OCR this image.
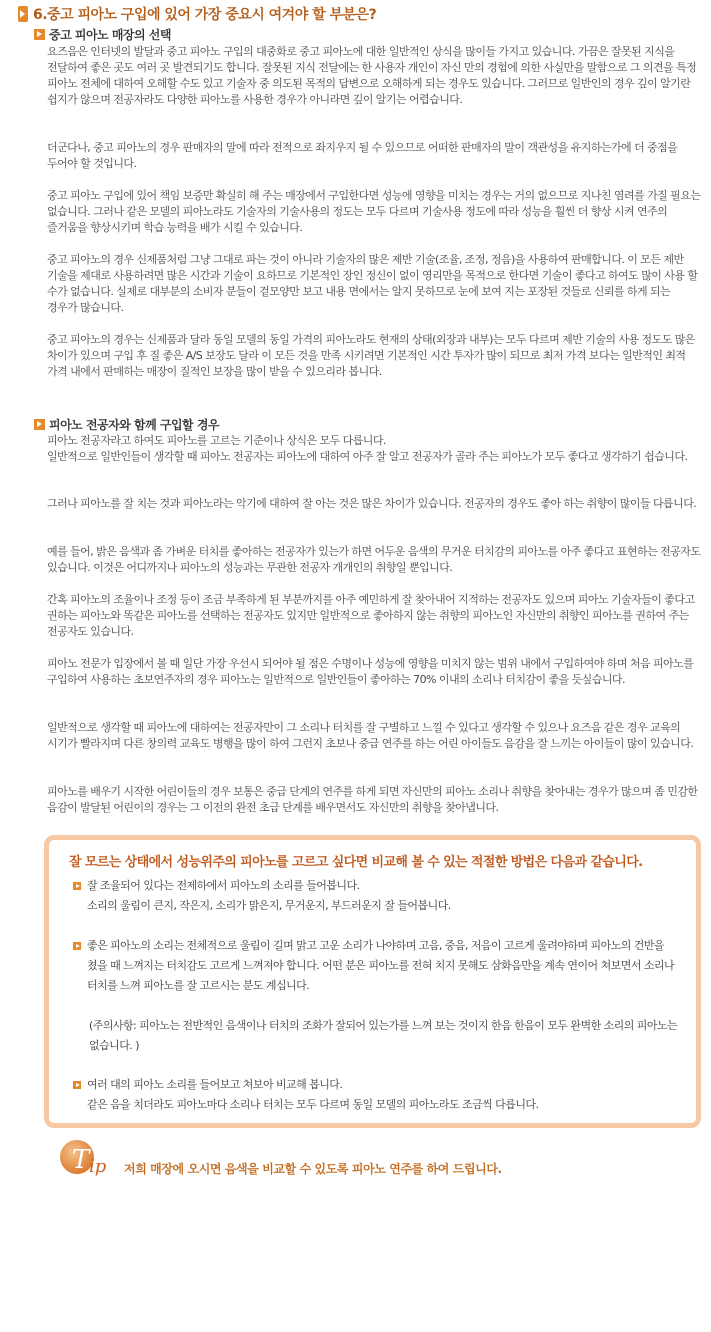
6.중고 피아노 구입에 있어 가장 중요시 여겨야 할 부분은?
중고 피아노 매장의 선택

요즈음은 인터넷의 발달과 중고 피아노 구입의 대중화로 중고 피아노에 대한 일반적인 상식을 많이들 가지고 있습니다. 가끔은 잘못된 지식을 전달하여 좋은 곳도 여러 곳 발견되기도 합니다. 잘못된 지식 전달에는 한 사용자 개인이 자신 만의 경험에 의한 사실만을 말함으로 그 의견을 특정 피아노 전체에 대하여 오해할 수도 있고 기술자 중 의도된 목적의 답변으로 오해하게 되는 경우도 있습니다. 그러므로 일반인의 경우 깊이 알기란 쉽지가 않으며 전공자라도 다양한 피아노를 사용한 경우가 아니라면 깊이 알기는 어렵습니다.

더군다나, 중고 피아노의 경우 판매자의 말에 따라 전적으로 좌지우지 될 수 있으므로 어떠한 판매자의 말이 객관성을 유지하는가에 더 중점을 두어야 할 것입니다.

중고 피아노 구입에 있어 책임 보증만 확실히 해 주는 매장에서 구입한다면 성능에 영향을 미치는 경우는 거의 없으므로 지나친 염려를 가질 필요는 없습니다. 그러나 같은 모델의 피아노라도 기술자의 기술사용의 정도는 모두 다르며 기술사용 정도에 따라 성능을 훨씬 더 향상 시켜 연주의 즐거움을 향상시키며 학습 능력을 배가 시킬 수 있습니다.

중고 피아노의 경우 신제품처럼 그냥 그대로 파는 것이 아니라 기술자의 많은 제반 기술(조율, 조정, 정음)을 사용하여 판매합니다. 이 모든 제반 기술을 제대로 사용하려면 많은 시간과 기술이 요하므로 기본적인 장인 정신이 없이 영리만을 목적으로 한다면 기술이 좋다고 하여도 많이 사용 할 수가 없습니다. 실제로 대부분의 소비자 분들이 겉모양만 보고 내용 면에서는 알지 못하므로 눈에 보여 지는 포장된 것들로 신뢰를 하게 되는 경우가 많습니다.

중고 피아노의 경우는 신제품과 달라 동일 모델의 동일 가격의 피아노라도 현재의 상태(외장과 내부)는 모두 다르며 제반 기술의 사용 정도도 많은 차이가 있으며 구입 후 질 좋은 A/S 보장도 달라 이 모든 것을 만족 시키려면 기본적인 시간 투자가 많이 되므로 최저 가격 보다는 일반적인 최적 가격 내에서 판매하는 매장이 질적인 보장을 많이 받을 수 있으리라 봅니다.

피아노 전공자와 함께 구입할 경우

피아노 전공자라고 하여도 피아노를 고르는 기준이나 상식은 모두 다릅니다.
일반적으로 일반인들이 생각할 때 피아노 전공자는 피아노에 대하여 아주 잘 알고 전공자가 골라 주는 피아노가 모두 좋다고 생각하기 쉽습니다.

그러나 피아노를 잘 치는 것과 피아노라는 악기에 대하여 잘 아는 것은 많은 차이가 있습니다. 전공자의 경우도 좋아 하는 취향이 많이들 다릅니다.

예를 들어, 밝은 음색과 좀 가벼운 터치를 좋아하는 전공자가 있는가 하면 어두운 음색의 무거운 터치감의 피아노를 아주 좋다고 표현하는 전공자도 있습니다. 이것은 어디까지나 피아노의 성능과는 무관한 전공자 개개인의 취향일 뿐입니다.

간혹 피아노의 조율이나 조정 등이 조금 부족하게 된 부분까지를 아주 예민하게 잘 찾아내어 지적하는 전공자도 있으며 피아노 기술자들이 좋다고 권하는 피아노와 똑같은 피아노를 선택하는 전공자도 있지만 일반적으로 좋아하지 않는 취향의 피아노인 자신만의 취향인 피아노를 권하여 주는 전공자도 있습니다.

피아노 전문가 입장에서 볼 때 일단 가장 우선시 되어야 될 점은 수명이나 성능에 영향을 미치지 않는 범위 내에서 구입하여야 하며 처음 피아노를 구입하여 사용하는 초보연주자의 경우 피아노는 일반적으로 일반인들이 좋아하는 70% 이내의 소리나 터치감이 좋을 듯싶습니다.

일반적으로 생각할 때 피아노에 대하여는 전공자만이 그 소리나 터치를 잘 구별하고 느낄 수 있다고 생각할 수 있으나 요즈음 같은 경우 교육의 시기가 빨라지며 다른 창의력 교육도 병행을 많이 하여 그런지 초보나 중급 연주를 하는 어린 아이들도 음감을 잘 느끼는 아이들이 많이 있습니다.

피아노를 배우기 시작한 어린이들의 경우 보통은 중급 단계의 연주를 하게 되면 자신만의 피아노 소리나 취향을 찾아내는 경우가 많으며 좀 민감한 음감이 발달된 어린이의 경우는 그 이전의 완전 초급 단계를 배우면서도 자신만의 취향을 찾아냅니다.

잘 모르는 상태에서 성능위주의 피아노를 고르고 싶다면 비교해 볼 수 있는 적절한 방법은 다음과 같습니다.

잘 조율되어 있다는 전제하에서 피아노의 소리를 들어봅니다.
소리의 울림이 큰지, 작은지, 소리가 맑은지, 무거운지, 부드러운지 잘 들어봅니다.

좋은 피아노의 소리는 전체적으로 울림이 길며 맑고 고운 소리가 나야하며 고음, 중음, 저음이 고르게 울려야하며 피아노의 건반을 쳤을 때 느껴지는 터치감도 고르게 느껴져야 합니다. 어떤 분은 피아노를 전혀 치지 못해도 삼화음만을 계속 연이어 쳐보면서 소리나 터치를 느껴 피아노를 잘 고르시는 분도 계십니다.

(주의사항: 피아노는 전반적인 음색이나 터치의 조화가 잘되어 있는가를 느껴 보는 것이지 한음 한음이 모두 완벽한 소리의 피아노는 없습니다. )

여러 대의 피아노 소리를 들어보고 쳐보아 비교해 봅니다.
같은 음을 치더라도 피아노마다 소리나 터치는 모두 다르며 동일 모델의 피아노라도 조금씩 다릅니다.

T ip 저희 매장에 오시면 음색을 비교할 수 있도록 피아노 연주를 하여 드립니다.
